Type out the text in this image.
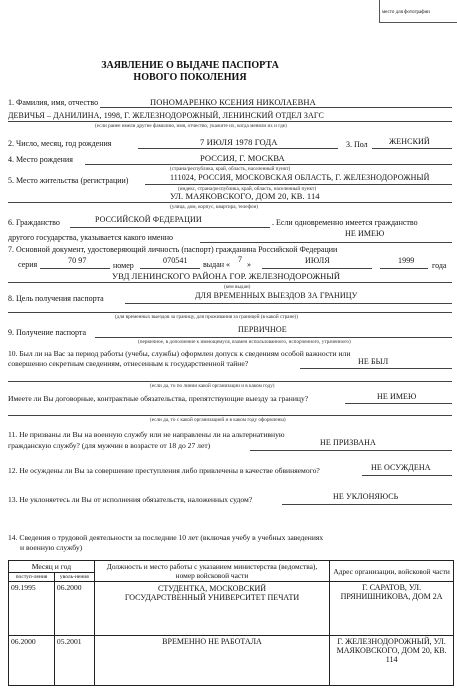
место для фотографии
ЗАЯВЛЕНИЕ О ВЫДАЧЕ ПАСПОРТА
НОВОГО ПОКОЛЕНИЯ
1. Фамилия, имя, отчество	ПОНОМАРЕНКО КСЕНИЯ НИКОЛАЕВНА
ДЕВИЧЬЯ – ДАНИЛИНА, 1998, Г. ЖЕЛЕЗНОДОРОЖНЫЙ, ЛЕНИНСКИЙ ОТДЕЛ ЗАГС
(если ранее имели другие фамилию, имя, отчество, укажите их, когда меняли их и где)
2. Число, месяц, год рождения	7 ИЮЛЯ 1978 ГОДА	3. Пол	ЖЕНСКИЙ
4. Место рождения	РОССИЯ, Г. МОСКВА
(страна/республика, край, область, населенный пункт)
5. Место жительства (регистрации)	111024, РОССИЯ, МОСКОВСКАЯ ОБЛАСТЬ, Г. ЖЕЛЕЗНОДОРОЖНЫЙ
(индекс, страна/республика, край, область, населенный пункт)
УЛ. МАЯКОВСКОГО, ДОМ 20, КВ. 114
(улица, дом, корпус, квартира, телефон)
6. Гражданство	РОССИЙСКОЙ ФЕДЕРАЦИИ	. Если одновременно имеется гражданство
другого государства, указывается какого именно	НЕ ИМЕЮ
7. Основной документ, удостоверяющий личность (паспорт) гражданина Российской Федерации
серия	70 97
номер
070541 выдан «
7
»	ИЮЛЯ	1999
года
УВД ЛЕНИНСКОГО РАЙОНА ГОР. ЖЕЛЕЗНОДОРОЖНЫЙ
(кем выдан)
8. Цель получения паспорта	ДЛЯ ВРЕМЕННЫХ ВЫЕЗДОВ ЗА ГРАНИЦУ
(для временных выездов за границу, для проживания за границей (в какой стране))
9. Получение паспорта	ПЕРВИЧНОЕ
(первичное, в дополнение к имеющемуся, взамен использованного, испорченного, утраченного)
10. Был ли на Вас за период работы (учебы, службы) оформлен допуск к сведениям особой важности или
совершенно секретным сведениям, отнесенным к государственной тайне?	НЕ БЫЛ
(если да, то по линии какой организации и в каком году)
Имеете ли Вы договорные, контрактные обязательства, препятствующие выезду за границу?	НЕ ИМЕЮ
(если да, то с какой организацией и в каком году оформлены)
11. Не призваны ли Вы на военную службу или не направлены ли на альтернативную
гражданскую службу? (для мужчин в возрасте от 18 до 27 лет)	НЕ ПРИЗВАНА
12. Не осуждены ли Вы за совершение преступления либо привлечены в качестве обвиняемого?	НЕ ОСУЖДЕНА
13. Не уклоняетесь ли Вы от исполнения обязательств, наложенных судом?	НЕ УКЛОНЯЮСЬ
14. Сведения о трудовой деятельности за последние 10 лет (включая учебу в учебных заведениях
и военную службу)
Месяц и год		Должность и место работы с указанием министерства (ведомства), номер войсковой части	Адрес организации, войсковой части
поступ-ления	уволь-нения		
09.1995	06.2000	СТУДЕНТКА, МОСКОВСКИЙ ГОСУДАРСТВЕННЫЙ УНИВЕРСИТЕТ ПЕЧАТИ	Г. САРАТОВ, УЛ. ПРЯНИШНИКОВА, ДОМ 2А
06.2000	05.2001	ВРЕМЕННО НЕ РАБОТАЛА	Г. ЖЕЛЕЗНОДОРОЖНЫЙ, УЛ. МАЯКОВСКОГО, ДОМ 20, КВ. 114
